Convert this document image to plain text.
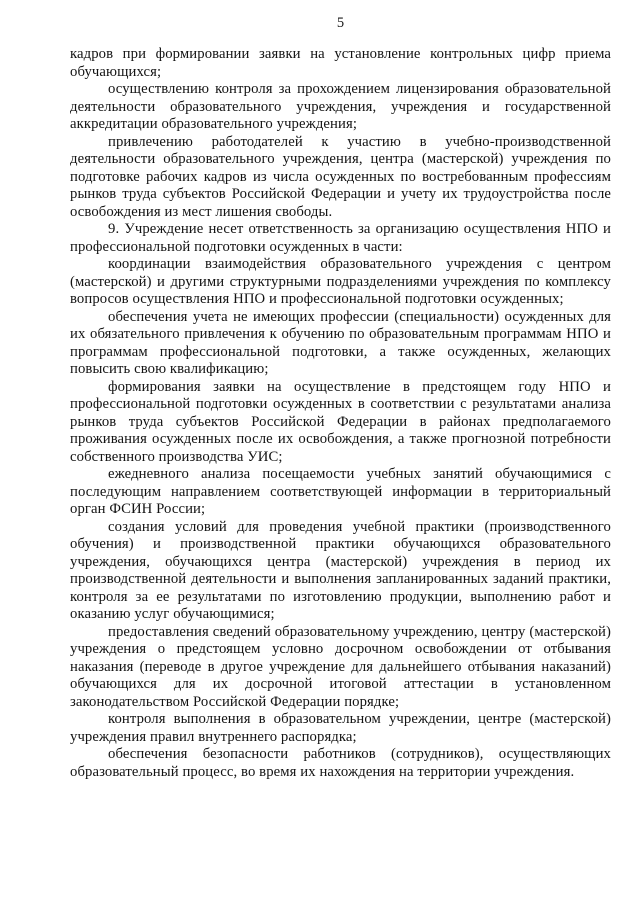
5

кадров при формировании заявки на установление контрольных цифр приема обучающихся;

осуществлению контроля за прохождением лицензирования образовательной деятельности образовательного учреждения, учреждения и государственной аккредитации образовательного учреждения;

привлечению работодателей к участию в учебно-производственной деятельности образовательного учреждения, центра (мастерской) учреждения по подготовке рабочих кадров из числа осужденных по востребованным профессиям рынков труда субъектов Российской Федерации и учету их трудоустройства после освобождения из мест лишения свободы.

9. Учреждение несет ответственность за организацию осуществления НПО и профессиональной подготовки осужденных в части:

координации взаимодействия образовательного учреждения с центром (мастерской) и другими структурными подразделениями учреждения по комплексу вопросов осуществления НПО и профессиональной подготовки осужденных;

обеспечения учета не имеющих профессии (специальности) осужденных для их обязательного привлечения к обучению по образовательным программам НПО и программам профессиональной подготовки, а также осужденных, желающих повысить свою квалификацию;

формирования заявки на осуществление в предстоящем году НПО и профессиональной подготовки осужденных в соответствии с результатами анализа рынков труда субъектов Российской Федерации в районах предполагаемого проживания осужденных после их освобождения, а также прогнозной потребности собственного производства УИС;

ежедневного анализа посещаемости учебных занятий обучающимися с последующим направлением соответствующей информации в территориальный орган ФСИН России;

создания условий для проведения учебной практики (производственного обучения) и производственной практики обучающихся образовательного учреждения, обучающихся центра (мастерской) учреждения в период их производственной деятельности и выполнения запланированных заданий практики, контроля за ее результатами по изготовлению продукции, выполнению работ и оказанию услуг обучающимися;

предоставления сведений образовательному учреждению, центру (мастерской) учреждения о предстоящем условно досрочном освобождении от отбывания наказания (переводе в другое учреждение для дальнейшего отбывания наказаний) обучающихся для их досрочной итоговой аттестации в установленном законодательством Российской Федерации порядке;

контроля выполнения в образовательном учреждении, центре (мастерской) учреждения правил внутреннего распорядка;

обеспечения безопасности работников (сотрудников), осуществляющих образовательный процесс, во время их нахождения на территории учреждения.
